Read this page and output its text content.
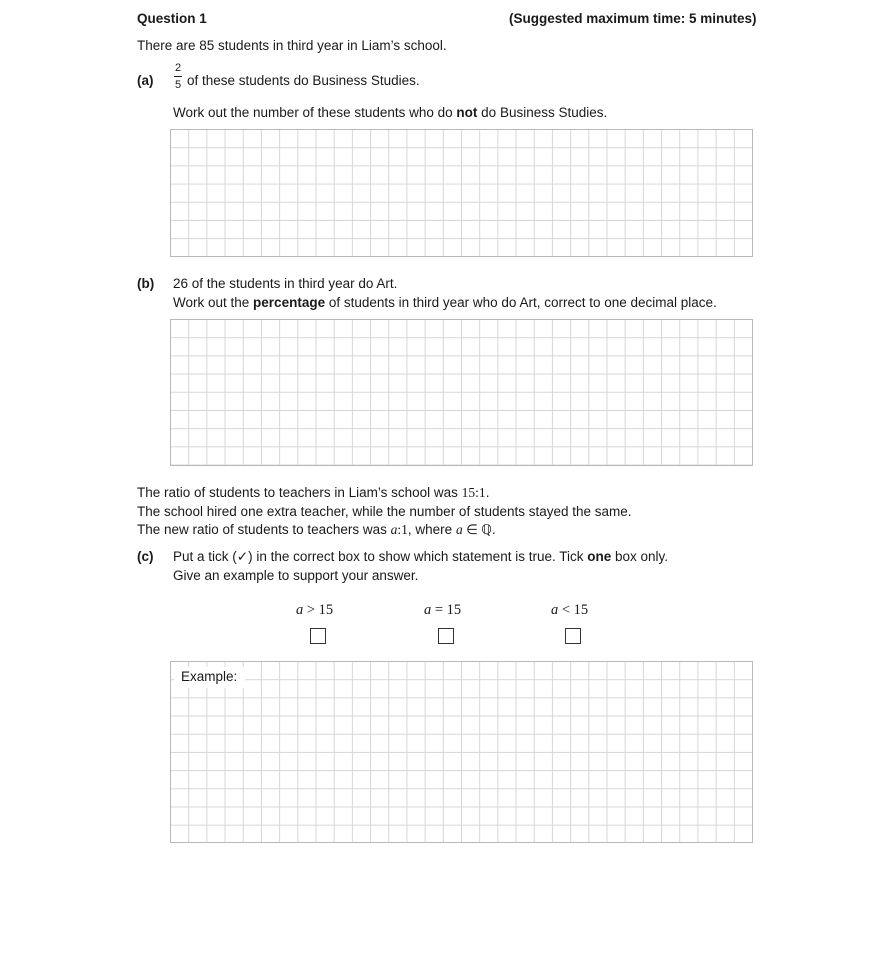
Question 1	(Suggested maximum time: 5 minutes)
There are 85 students in third year in Liam’s school.
(a)
2
5 of these students do Business Studies.
Work out the number of these students who do not do Business Studies.
(b) 26 of the students in third year do Art.
Work out the percentage of students in third year who do Art, correct to one decimal place.
The ratio of students to teachers in Liam’s school was 15:1.
The school hired one extra teacher, while the number of students stayed the same.
The new ratio of students to teachers was a:1, where a ∈ ℚ.
(c) Put a tick (✓) in the correct box to show which statement is true. Tick one box only.
Give an example to support your answer.
a > 15	a = 15	a < 15
Example:
